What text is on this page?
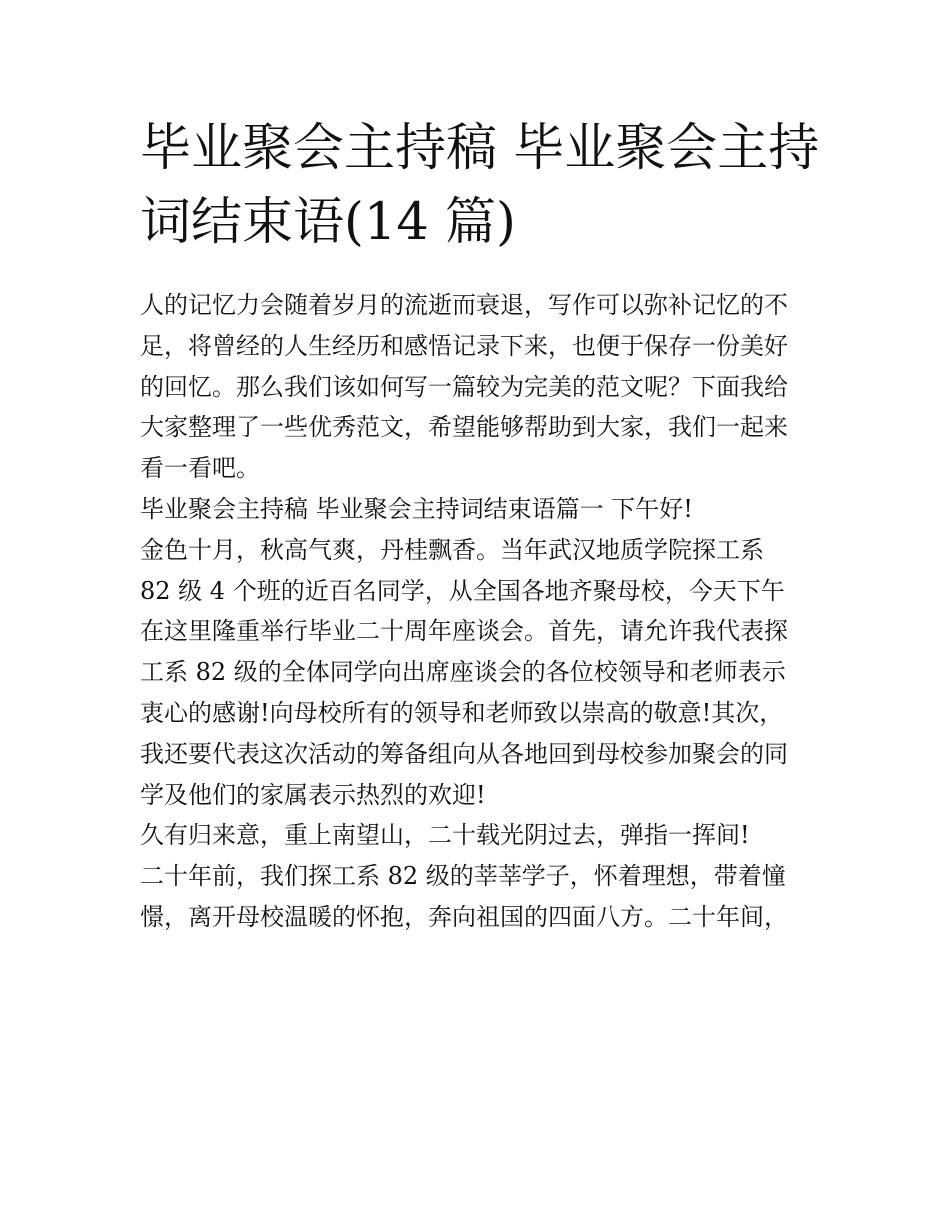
毕业聚会主持稿 毕业聚会主持
词结束语(14 篇)

人的记忆力会随着岁月的流逝而衰退，写作可以弥补记忆的不
足，将曾经的人生经历和感悟记录下来，也便于保存一份美好
的回忆。那么我们该如何写一篇较为完美的范文呢？下面我给
大家整理了一些优秀范文，希望能够帮助到大家，我们一起来
看一看吧。

毕业聚会主持稿 毕业聚会主持词结束语篇一 下午好!

金色十月，秋高气爽，丹桂飘香。当年武汉地质学院探工系
82 级 4 个班的近百名同学，从全国各地齐聚母校，今天下午
在这里隆重举行毕业二十周年座谈会。首先，请允许我代表探
工系 82 级的全体同学向出席座谈会的各位校领导和老师表示
衷心的感谢!向母校所有的领导和老师致以崇高的敬意!其次，
我还要代表这次活动的筹备组向从各地回到母校参加聚会的同
学及他们的家属表示热烈的欢迎!

久有归来意，重上南望山，二十载光阴过去，弹指一挥间!

二十年前，我们探工系 82 级的莘莘学子，怀着理想，带着憧
憬，离开母校温暖的怀抱，奔向祖国的四面八方。二十年间，
